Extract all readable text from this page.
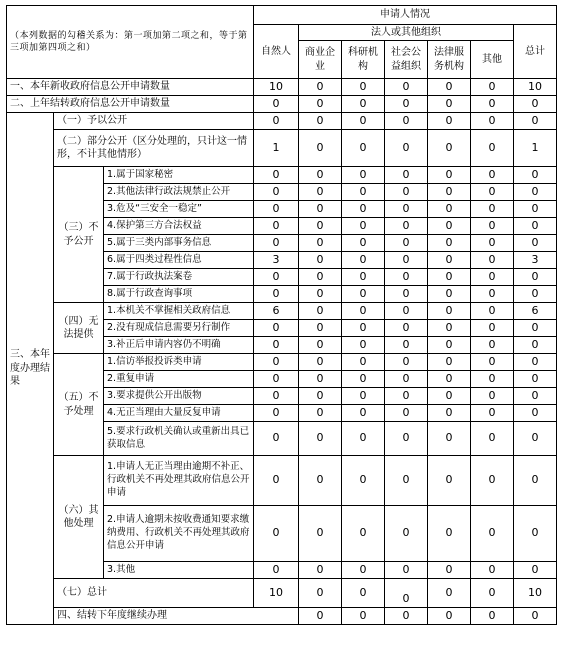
（本列数据的勾稽关系为：第一项加第二项之和，等于第三项加第四项之和）			申请人情况							
			自然人	法人或其他组织					总计	
				商业企业	科研机构	社会公益组织	法律服务机构	其他		
一、本年新收政府信息公开申请数量			10	0	0	0	0	0	10	
二、上年结转政府信息公开申请数量			0	0	0	0	0	0	0	
三、本年度办理结果	（一）予以公开		0	0	0	0	0	0	0	
	（二）部分公开（区分处理的，只计这一情形，不计其他情形）		1	0	0	0	0	0	1	
	（三）不予公开	1.属于国家秘密	0	0	0	0	0	0	0	
		2.其他法律行政法规禁止公开	0	0	0	0	0	0	0	
		3.危及“三安全一稳定”	0	0	0	0	0	0	0	
		4.保护第三方合法权益	0	0	0	0	0	0	0	
		5.属于三类内部事务信息	0	0	0	0	0	0	0	
		6.属于四类过程性信息	3	0	0	0	0	0	3	
		7.属于行政执法案卷	0	0	0	0	0	0	0	
		8.属于行政查询事项	0	0	0	0	0	0	0	
	（四）无法提供	1.本机关不掌握相关政府信息	6	0	0	0	0	0	6	
		2.没有现成信息需要另行制作	0	0	0	0	0	0	0	
		3.补正后申请内容仍不明确	0	0	0	0	0	0	0	
	（五）不予处理	1.信访举报投诉类申请	0	0	0	0	0	0	0	
		2.重复申请	0	0	0	0	0	0	0	
		3.要求提供公开出版物	0	0	0	0	0	0	0	
		4.无正当理由大量反复申请	0	0	0	0	0	0	0	
		5.要求行政机关确认或重新出具已获取信息	0	0	0	0	0	0	0	
	（六）其他处理	1.申请人无正当理由逾期不补正、行政机关不再处理其政府信息公开申请	0	0	0	0	0	0	0	
		2.申请人逾期未按收费通知要求缴纳费用、行政机关不再处理其政府信息公开申请	0	0	0	0	0	0	0	
		3.其他	0	0	0	0	0	0	0	
	（七）总计		10	0	0	0	0	0	10	
	四、结转下年度继续办理			0	0	0	0	0	0	
